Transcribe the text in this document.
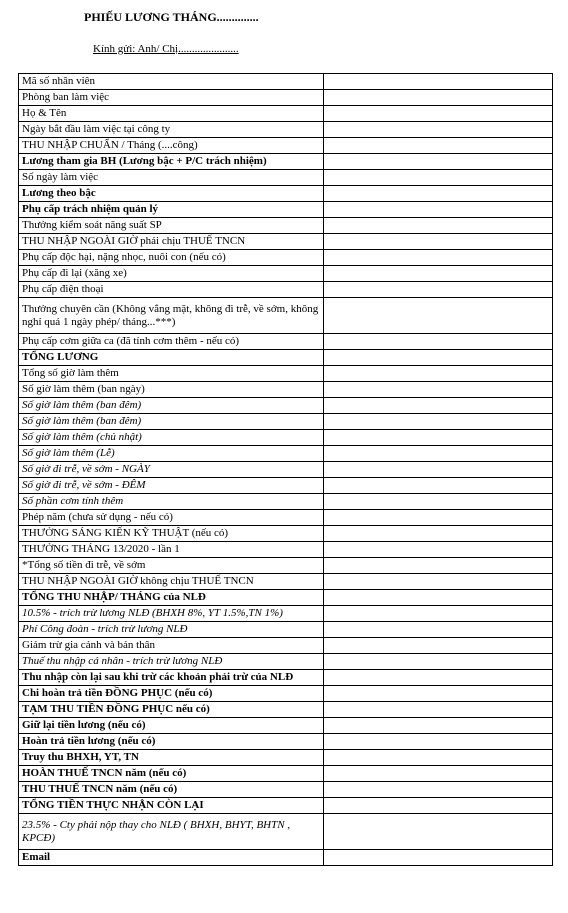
PHIẾU LƯƠNG THÁNG..............
Kính gửi: Anh/ Chị......................
Mã số nhân viên	
Phòng ban làm việc	
Họ & Tên	
Ngày bắt đầu làm việc tại công ty	
THU NHẬP CHUẨN / Tháng (....công)	
Lương tham gia BH (Lương bậc + P/C trách nhiệm)	
Số ngày làm việc	
Lương theo bậc	
Phụ cấp trách nhiệm quản lý	
Thưởng kiểm soát năng suất SP	
THU NHẬP NGOÀI GIỜ phải chịu THUẾ TNCN	
Phụ cấp độc hại, nặng nhọc, nuôi con (nếu có)	
Phụ cấp đi lại (xăng xe)	
Phụ cấp điện thoại	
Thưởng chuyên cần (Không vắng mặt, không đi trễ, về sớm, không nghỉ quá 1 ngày phép/ tháng...***)	
Phụ cấp cơm giữa ca (đã tính cơm thêm - nếu có)	
TỔNG LƯƠNG	
Tổng số giờ làm thêm	
Số giờ làm thêm (ban ngày)	
Số giờ làm thêm (ban đêm)	
Số giờ làm thêm (ban đêm)	
Số giờ làm thêm (chủ nhật)	
Số giờ làm thêm (Lễ)	
Số giờ đi trễ, về sớm - NGÀY	
Số giờ đi trễ, về sớm - ĐÊM	
Số phần cơm tính thêm	
Phép năm (chưa sử dụng - nếu có)	
THƯỞNG SÁNG KIẾN KỸ THUẬT (nếu có)	
THƯỞNG THÁNG 13/2020 - lần 1	
*Tổng số tiền đi trễ, về sớm	
THU NHẬP NGOÀI GIỜ không chịu THUẾ TNCN	
TỔNG THU NHẬP/ THÁNG của NLĐ	
10.5% - trích trừ lương NLĐ (BHXH 8%, YT 1.5%,TN 1%)	
Phí Công đoàn - trích trừ lương NLĐ	
Giảm trừ gia cảnh và bản thân	
Thuế thu nhập cá nhân - trích trừ lương NLĐ	
Thu nhập còn lại sau khi trừ các khoản phải trừ của NLĐ	
Chi hoàn trả tiền ĐỒNG PHỤC (nếu có)	
TẠM THU TIỀN ĐỒNG PHỤC nếu có)	
Giữ lại tiền lương (nếu có)	
Hoàn trả tiền lương (nếu có)	
Truy thu BHXH, YT, TN	
HOÀN THUẾ TNCN năm (nếu có)	
THU THUẾ TNCN năm (nếu có)	
TỔNG TIỀN THỰC NHẬN CÒN LẠI	
23.5% - Cty phải nộp thay cho NLĐ ( BHXH, BHYT, BHTN , KPCĐ)	
Email	
